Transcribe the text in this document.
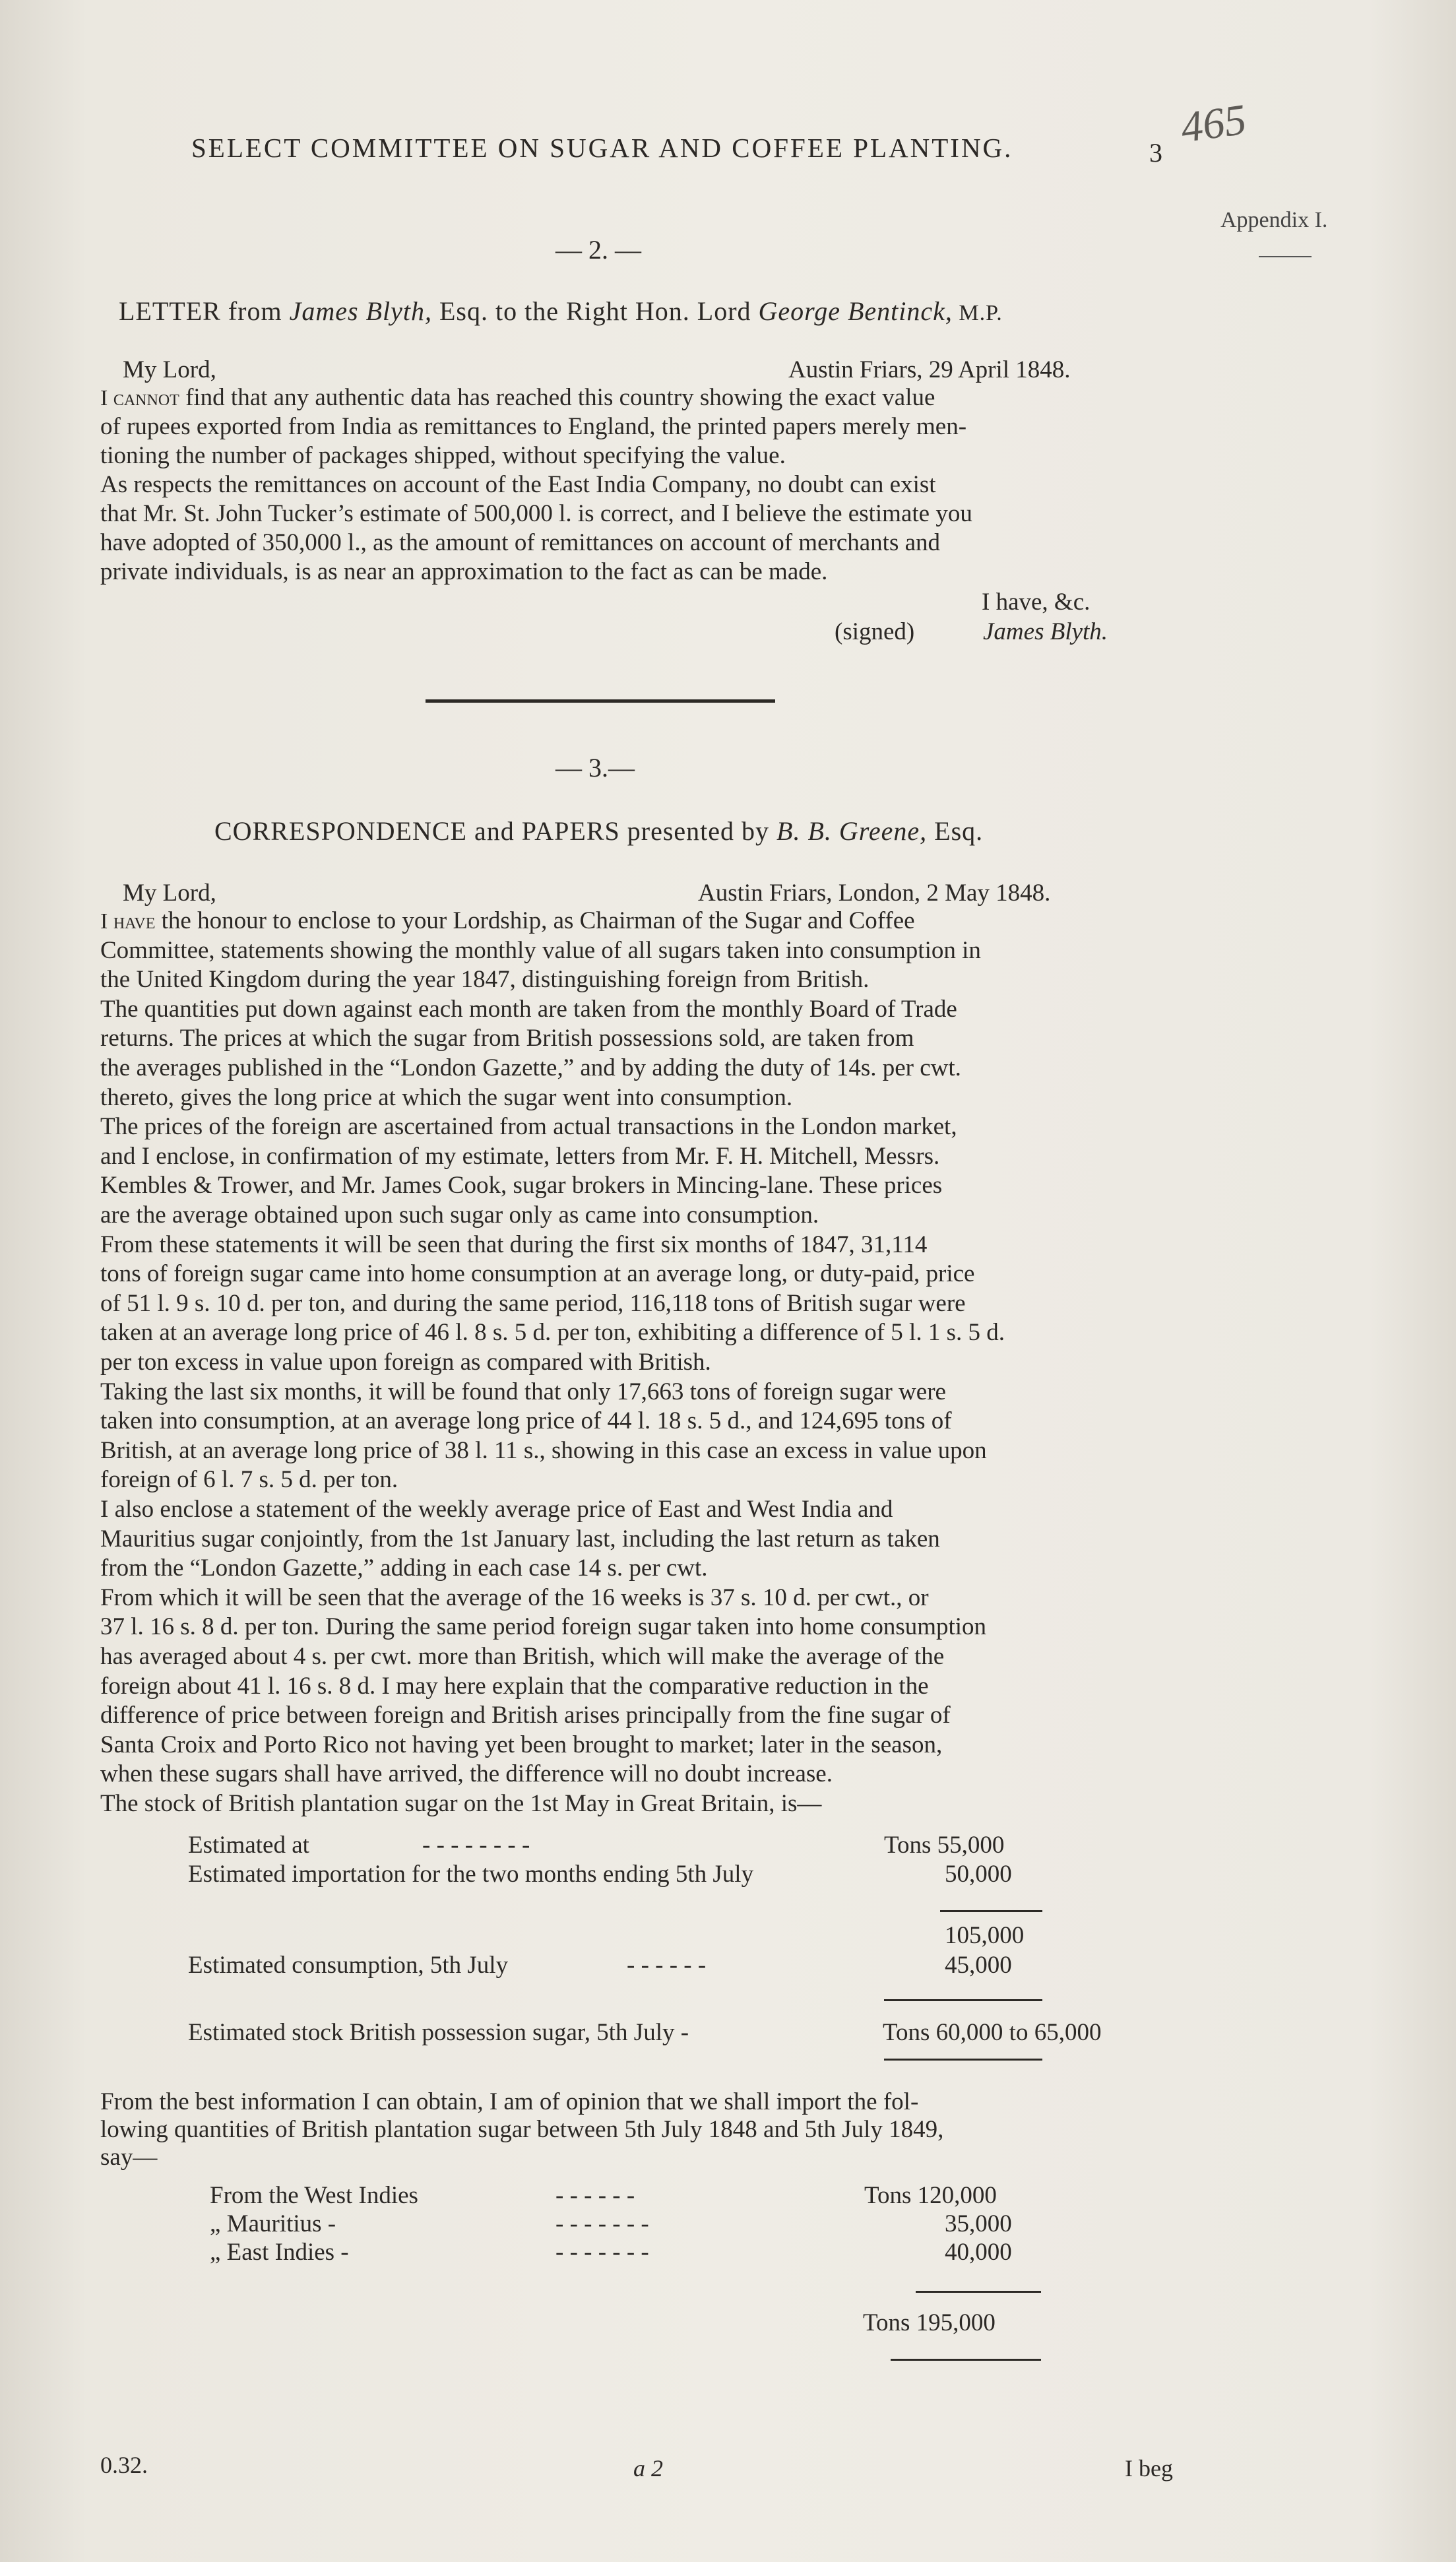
SELECT COMMITTEE ON SUGAR AND COFFEE PLANTING.	3
465
Appendix I.
— 2. —
LETTER from James Blyth, Esq. to the Right Hon. Lord George Bentinck, M.P.
My Lord,	Austin Friars, 29 April 1848.
I cannot find that any authentic data has reached this country showing the exact value
of rupees exported from India as remittances to England, the printed papers merely men-
tioning the number of packages shipped, without specifying the value.
As respects the remittances on account of the East India Company, no doubt can exist
that Mr. St. John Tucker’s estimate of 500,000 l. is correct, and I believe the estimate you
have adopted of 350,000 l., as the amount of remittances on account of merchants and
private individuals, is as near an approximation to the fact as can be made.
I have, &c.
(signed)	James Blyth.
— 3.—
CORRESPONDENCE and PAPERS presented by B. B. Greene, Esq.
My Lord,	Austin Friars, London, 2 May 1848.
I have the honour to enclose to your Lordship, as Chairman of the Sugar and Coffee
Committee, statements showing the monthly value of all sugars taken into consumption in
the United Kingdom during the year 1847, distinguishing foreign from British.
The quantities put down against each month are taken from the monthly Board of Trade
returns. The prices at which the sugar from British possessions sold, are taken from
the averages published in the “London Gazette,” and by adding the duty of 14s. per cwt.
thereto, gives the long price at which the sugar went into consumption.
The prices of the foreign are ascertained from actual transactions in the London market,
and I enclose, in confirmation of my estimate, letters from Mr. F. H. Mitchell, Messrs.
Kembles & Trower, and Mr. James Cook, sugar brokers in Mincing-lane. These prices
are the average obtained upon such sugar only as came into consumption.
From these statements it will be seen that during the first six months of 1847, 31,114
tons of foreign sugar came into home consumption at an average long, or duty-paid, price
of 51 l. 9 s. 10 d. per ton, and during the same period, 116,118 tons of British sugar were
taken at an average long price of 46 l. 8 s. 5 d. per ton, exhibiting a difference of 5 l. 1 s. 5 d.
per ton excess in value upon foreign as compared with British.
Taking the last six months, it will be found that only 17,663 tons of foreign sugar were
taken into consumption, at an average long price of 44 l. 18 s. 5 d., and 124,695 tons of
British, at an average long price of 38 l. 11 s., showing in this case an excess in value upon
foreign of 6 l. 7 s. 5 d. per ton.
I also enclose a statement of the weekly average price of East and West India and
Mauritius sugar conjointly, from the 1st January last, including the last return as taken
from the “London Gazette,” adding in each case 14 s. per cwt.
From which it will be seen that the average of the 16 weeks is 37 s. 10 d. per cwt., or
37 l. 16 s. 8 d. per ton. During the same period foreign sugar taken into home consumption
has averaged about 4 s. per cwt. more than British, which will make the average of the
foreign about 41 l. 16 s. 8 d. I may here explain that the comparative reduction in the
difference of price between foreign and British arises principally from the fine sugar of
Santa Croix and Porto Rico not having yet been brought to market; later in the season,
when these sugars shall have arrived, the difference will no doubt increase.
The stock of British plantation sugar on the 1st May in Great Britain, is—
Estimated at	- - - - - - - -	Tons 55,000
Estimated importation for the two months ending 5th July	50,000
105,000
Estimated consumption, 5th July	- - - - - -	45,000
Estimated stock British possession sugar, 5th July -	Tons 60,000 to 65,000
From the best information I can obtain, I am of opinion that we shall import the fol-
lowing quantities of British plantation sugar between 5th July 1848 and 5th July 1849,
say—
From the West Indies	- - - - - -	Tons 120,000
„ Mauritius -	- - - - - - -	35,000
„ East Indies -	- - - - - - -	40,000
Tons 195,000
0.32.	a 2	I beg
